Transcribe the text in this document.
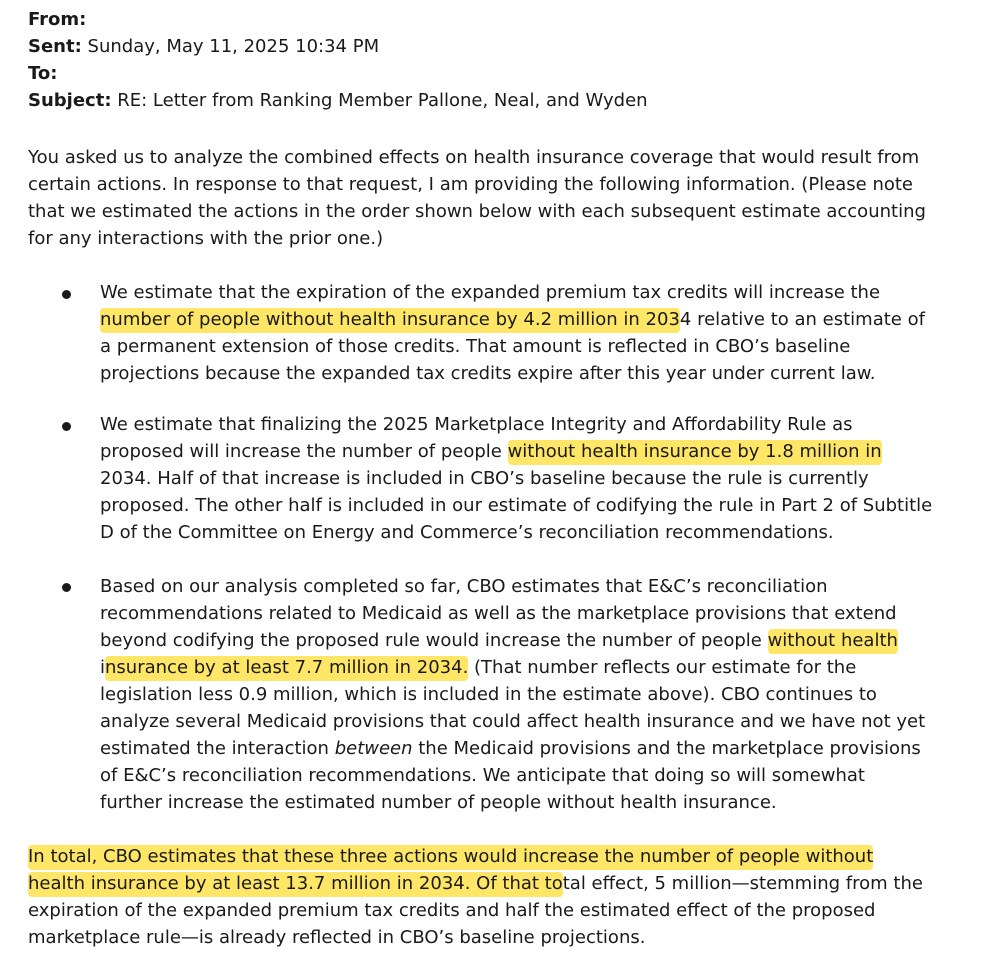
From:
Sent: Sunday, May 11, 2025 10:34 PM
To:
Subject: RE: Letter from Ranking Member Pallone, Neal, and Wyden
You asked us to analyze the combined effects on health insurance coverage that would result from
certain actions. In response to that request, I am providing the following information. (Please note
that we estimated the actions in the order shown below with each subsequent estimate accounting
for any interactions with the prior one.)
We estimate that the expiration of the expanded premium tax credits will increase the
number of people without health insurance by 4.2 million in 2034 relative to an estimate of
a permanent extension of those credits. That amount is reflected in CBO’s baseline
projections because the expanded tax credits expire after this year under current law.
We estimate that finalizing the 2025 Marketplace Integrity and Affordability Rule as
proposed will increase the number of people without health insurance by 1.8 million in
2034. Half of that increase is included in CBO’s baseline because the rule is currently
proposed. The other half is included in our estimate of codifying the rule in Part 2 of Subtitle
D of the Committee on Energy and Commerce’s reconciliation recommendations.
Based on our analysis completed so far, CBO estimates that E&C’s reconciliation
recommendations related to Medicaid as well as the marketplace provisions that extend
beyond codifying the proposed rule would increase the number of people without health
insurance by at least 7.7 million in 2034. (That number reflects our estimate for the
legislation less 0.9 million, which is included in the estimate above). CBO continues to
analyze several Medicaid provisions that could affect health insurance and we have not yet
estimated the interaction between the Medicaid provisions and the marketplace provisions
of E&C’s reconciliation recommendations. We anticipate that doing so will somewhat
further increase the estimated number of people without health insurance.
In total, CBO estimates that these three actions would increase the number of people without
health insurance by at least 13.7 million in 2034. Of that total effect, 5 million—stemming from the
expiration of the expanded premium tax credits and half the estimated effect of the proposed
marketplace rule—is already reflected in CBO’s baseline projections.
